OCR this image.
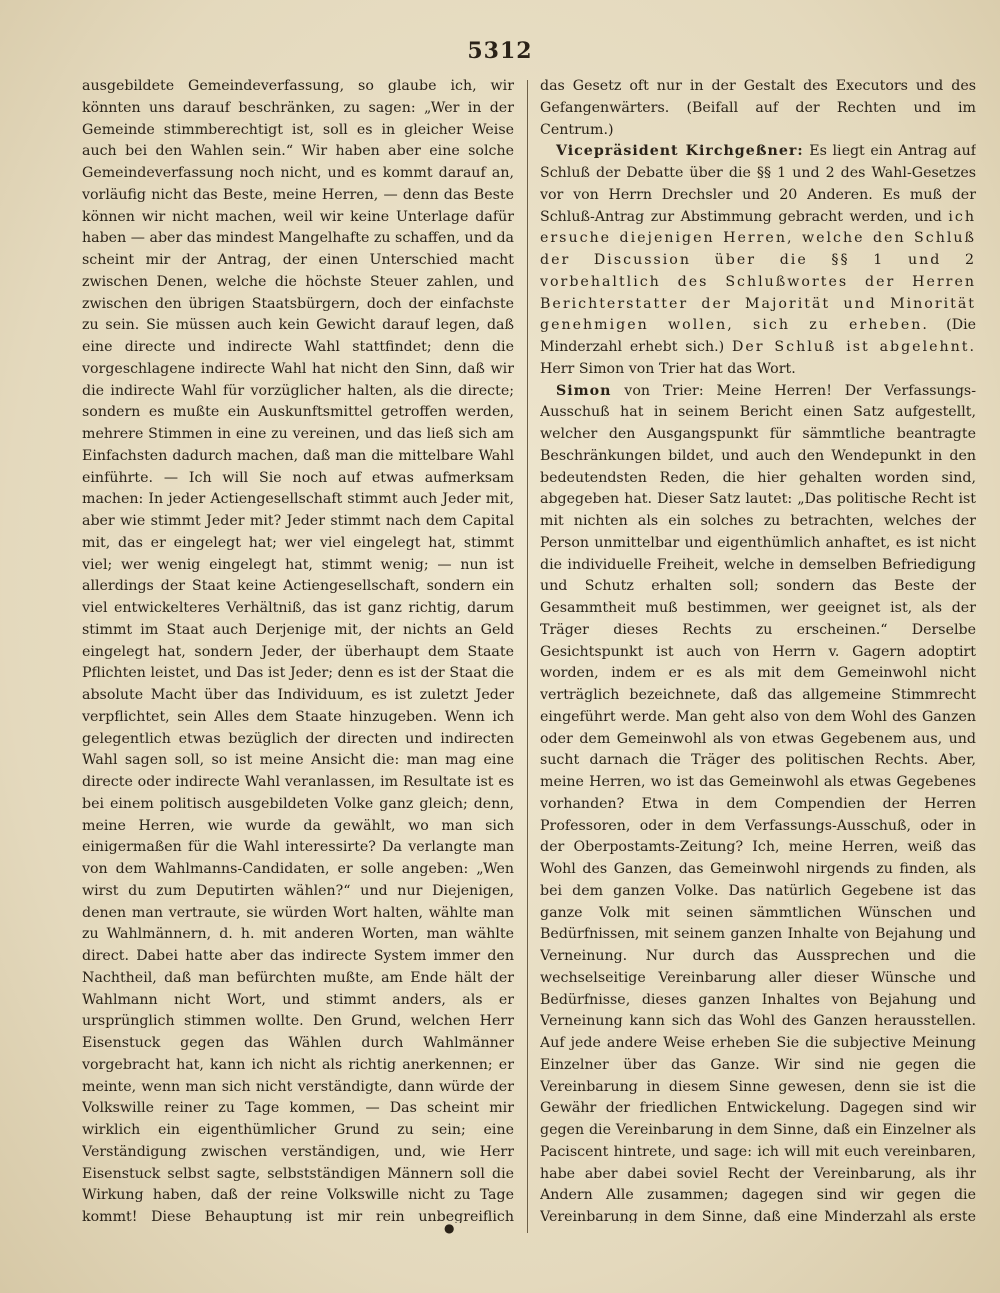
5312

ausgebildete Gemeindeverfassung, so glaube ich, wir könnten uns darauf beschränken, zu sagen: „Wer in der Gemeinde stimmberechtigt ist, soll es in gleicher Weise auch bei den Wahlen sein.“ Wir haben aber eine solche Gemeindeverfassung noch nicht, und es kommt darauf an, vorläufig nicht das Beste, meine Herren, — denn das Beste können wir nicht machen, weil wir keine Unterlage dafür haben — aber das mindest Mangelhafte zu schaffen, und da scheint mir der Antrag, der einen Unterschied macht zwischen Denen, welche die höchste Steuer zahlen, und zwischen den übrigen Staatsbürgern, doch der einfachste zu sein. Sie müssen auch kein Gewicht darauf legen, daß eine directe und indirecte Wahl stattfindet; denn die vorgeschlagene indirecte Wahl hat nicht den Sinn, daß wir die indirecte Wahl für vorzüglicher halten, als die directe; sondern es mußte ein Auskunftsmittel getroffen werden, mehrere Stimmen in eine zu vereinen, und das ließ sich am Einfachsten dadurch machen, daß man die mittelbare Wahl einführte. — Ich will Sie noch auf etwas aufmerksam machen: In jeder Actiengesellschaft stimmt auch Jeder mit, aber wie stimmt Jeder mit? Jeder stimmt nach dem Capital mit, das er eingelegt hat; wer viel eingelegt hat, stimmt viel; wer wenig eingelegt hat, stimmt wenig; — nun ist allerdings der Staat keine Actiengesellschaft, sondern ein viel entwickelteres Verhältniß, das ist ganz richtig, darum stimmt im Staat auch Derjenige mit, der nichts an Geld eingelegt hat, sondern Jeder, der überhaupt dem Staate Pflichten leistet, und Das ist Jeder; denn es ist der Staat die absolute Macht über das Individuum, es ist zuletzt Jeder verpflichtet, sein Alles dem Staate hinzugeben. Wenn ich gelegentlich etwas bezüglich der directen und indirecten Wahl sagen soll, so ist meine Ansicht die: man mag eine directe oder indirecte Wahl veranlassen, im Resultate ist es bei einem politisch ausgebildeten Volke ganz gleich; denn, meine Herren, wie wurde da gewählt, wo man sich einigermaßen für die Wahl interessirte? Da verlangte man von dem Wahlmanns-Candidaten, er solle angeben: „Wen wirst du zum Deputirten wählen?“ und nur Diejenigen, denen man vertraute, sie würden Wort halten, wählte man zu Wahlmännern, d. h. mit anderen Worten, man wählte direct. Dabei hatte aber das indirecte System immer den Nachtheil, daß man befürchten mußte, am Ende hält der Wahlmann nicht Wort, und stimmt anders, als er ursprünglich stimmen wollte. Den Grund, welchen Herr Eisenstuck gegen das Wählen durch Wahlmänner vorgebracht hat, kann ich nicht als richtig anerkennen; er meinte, wenn man sich nicht verständigte, dann würde der Volkswille reiner zu Tage kommen, — Das scheint mir wirklich ein eigenthümlicher Grund zu sein; eine Verständigung zwischen verständigen, und, wie Herr Eisenstuck selbst sagte, selbstständigen Männern soll die Wirkung haben, daß der reine Volkswille nicht zu Tage kommt! Diese Behauptung ist mir rein unbegreiflich

das Gesetz oft nur in der Gestalt des Executors und des Gefangenwärters. (Beifall auf der Rechten und im Centrum.)

Vicepräsident Kirchgeßner: Es liegt ein Antrag auf Schluß der Debatte über die §§ 1 und 2 des Wahl-Gesetzes vor von Herrn Drechsler und 20 Anderen. Es muß der Schluß-Antrag zur Abstimmung gebracht werden, und ich ersuche diejenigen Herren, welche den Schluß der Discussion über die §§ 1 und 2 vorbehaltlich des Schlußwortes der Herren Berichterstatter der Majorität und Minorität genehmigen wollen, sich zu erheben. (Die Minderzahl erhebt sich.) Der Schluß ist abgelehnt. Herr Simon von Trier hat das Wort.

Simon von Trier: Meine Herren! Der Verfassungs-Ausschuß hat in seinem Bericht einen Satz aufgestellt, welcher den Ausgangspunkt für sämmtliche beantragte Beschränkungen bildet, und auch den Wendepunkt in den bedeutendsten Reden, die hier gehalten worden sind, abgegeben hat. Dieser Satz lautet: „Das politische Recht ist mit nichten als ein solches zu betrachten, welches der Person unmittelbar und eigenthümlich anhaftet, es ist nicht die individuelle Freiheit, welche in demselben Befriedigung und Schutz erhalten soll; sondern das Beste der Gesammtheit muß bestimmen, wer geeignet ist, als der Träger dieses Rechts zu erscheinen.“ Derselbe Gesichtspunkt ist auch von Herrn v. Gagern adoptirt worden, indem er es als mit dem Gemeinwohl nicht verträglich bezeichnete, daß das allgemeine Stimmrecht eingeführt werde. Man geht also von dem Wohl des Ganzen oder dem Gemeinwohl als von etwas Gegebenem aus, und sucht darnach die Träger des politischen Rechts. Aber, meine Herren, wo ist das Gemeinwohl als etwas Gegebenes vorhanden? Etwa in dem Compendien der Herren Professoren, oder in dem Verfassungs-Ausschuß, oder in der Oberpostamts-Zeitung? Ich, meine Herren, weiß das Wohl des Ganzen, das Gemeinwohl nirgends zu finden, als bei dem ganzen Volke. Das natürlich Gegebene ist das ganze Volk mit seinen sämmtlichen Wünschen und Bedürfnissen, mit seinem ganzen Inhalte von Bejahung und Verneinung. Nur durch das Aussprechen und die wechselseitige Vereinbarung aller dieser Wünsche und Bedürfnisse, dieses ganzen Inhaltes von Bejahung und Verneinung kann sich das Wohl des Ganzen herausstellen. Auf jede andere Weise erheben Sie die subjective Meinung Einzelner über das Ganze. Wir sind nie gegen die Vereinbarung in diesem Sinne gewesen, denn sie ist die Gewähr der friedlichen Entwickelung. Dagegen sind wir gegen die Vereinbarung in dem Sinne, daß ein Einzelner als Paciscent hintrete, und sage: ich will mit euch vereinbaren, habe aber dabei soviel Recht der Vereinbarung, als ihr Andern Alle zusammen; dagegen sind wir gegen die Vereinbarung in dem Sinne, daß eine Minderzahl als erste

●
